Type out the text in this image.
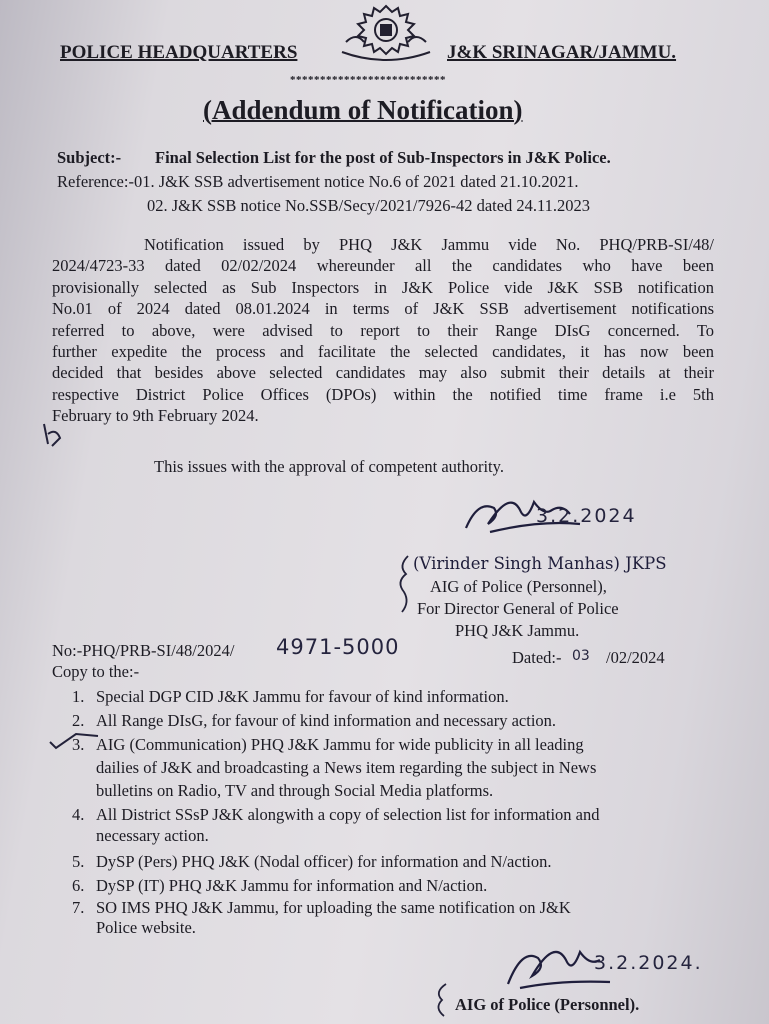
POLICE HEADQUARTERS	J&K SRINAGAR/JAMMU.
**************************
(Addendum of Notification)
Subject:- Final Selection List for the post of Sub-Inspectors in J&K Police.
Reference:-01. J&K SSB advertisement notice No.6 of 2021 dated 21.10.2021.
02. J&K SSB notice No.SSB/Secy/2021/7926-42 dated 24.11.2023
Notification issued by PHQ J&K Jammu vide No. PHQ/PRB-SI/48/
2024/4723-33 dated 02/02/2024 whereunder all the candidates who have been
provisionally selected as Sub Inspectors in J&K Police vide J&K SSB notification
No.01 of 2024 dated 08.01.2024 in terms of J&K SSB advertisement notifications
referred to above, were advised to report to their Range DIsG concerned. To
further expedite the process and facilitate the selected candidates, it has now been
decided that besides above selected candidates may also submit their details at their
respective District Police Offices (DPOs) within the notified time frame i.e 5th
February to 9th February 2024.
This issues with the approval of competent authority.
3.2.2024
(Virinder Singh Manhas) JKPS
AIG of Police (Personnel),
For Director General of Police
PHQ J&K Jammu.
No:-PHQ/PRB-SI/48/2024/ 4971-5000	Dated:- 03 /02/2024
Copy to the:-
1. Special DGP CID J&K Jammu for favour of kind information.
2. All Range DIsG, for favour of kind information and necessary action.
3. AIG (Communication) PHQ J&K Jammu for wide publicity in all leading
dailies of J&K and broadcasting a News item regarding the subject in News
bulletins on Radio, TV and through Social Media platforms.
4. All District SSsP J&K alongwith a copy of selection list for information and
necessary action.
5. DySP (Pers) PHQ J&K (Nodal officer) for information and N/action.
6. DySP (IT) PHQ J&K Jammu for information and N/action.
7. SO IMS PHQ J&K Jammu, for uploading the same notification on J&K
Police website.
3.2.2024.
AIG of Police (Personnel).
